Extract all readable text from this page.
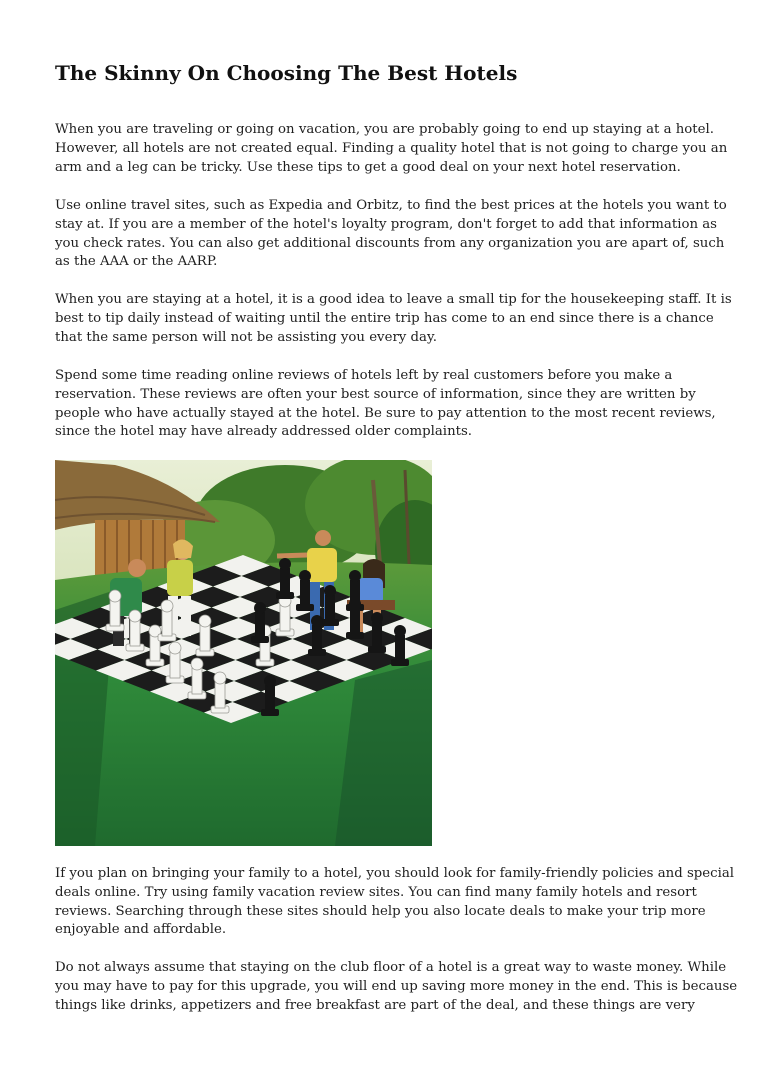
The Skinny On Choosing The Best Hotels
When you are traveling or going on vacation, you are probably going to end up staying at a hotel.
However, all hotels are not created equal. Finding a quality hotel that is not going to charge you an
arm and a leg can be tricky. Use these tips to get a good deal on your next hotel reservation.
Use online travel sites, such as Expedia and Orbitz, to find the best prices at the hotels you want to
stay at. If you are a member of the hotel's loyalty program, don't forget to add that information as
you check rates. You can also get additional discounts from any organization you are apart of, such
as the AAA or the AARP.
When you are staying at a hotel, it is a good idea to leave a small tip for the housekeeping staff. It is
best to tip daily instead of waiting until the entire trip has come to an end since there is a chance
that the same person will not be assisting you every day.
Spend some time reading online reviews of hotels left by real customers before you make a
reservation. These reviews are often your best source of information, since they are written by
people who have actually stayed at the hotel. Be sure to pay attention to the most recent reviews,
since the hotel may have already addressed older complaints.
If you plan on bringing your family to a hotel, you should look for family-friendly policies and special
deals online. Try using family vacation review sites. You can find many family hotels and resort
reviews. Searching through these sites should help you also locate deals to make your trip more
enjoyable and affordable.
Do not always assume that staying on the club floor of a hotel is a great way to waste money. While
you may have to pay for this upgrade, you will end up saving more money in the end. This is because
things like drinks, appetizers and free breakfast are part of the deal, and these things are very
